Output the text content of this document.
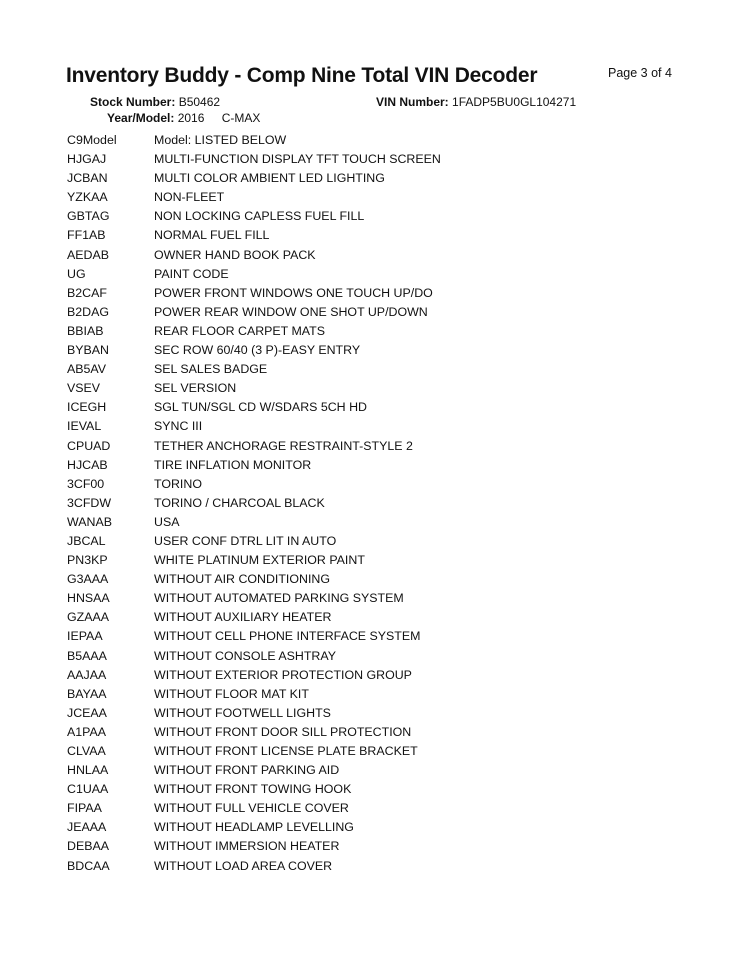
Inventory Buddy - Comp Nine Total VIN Decoder	Page 3 of 4
Stock Number: B50462	VIN Number: 1FADP5BU0GL104271
Year/Model: 2016 C-MAX
C9Model	Model: LISTED BELOW
HJGAJ	MULTI-FUNCTION DISPLAY TFT TOUCH SCREEN
JCBAN	MULTI COLOR AMBIENT LED LIGHTING
YZKAA	NON-FLEET
GBTAG	NON LOCKING CAPLESS FUEL FILL
FF1AB	NORMAL FUEL FILL
AEDAB	OWNER HAND BOOK PACK
UG	PAINT CODE
B2CAF	POWER FRONT WINDOWS ONE TOUCH UP/DO
B2DAG	POWER REAR WINDOW ONE SHOT UP/DOWN
BBIAB	REAR FLOOR CARPET MATS
BYBAN	SEC ROW 60/40 (3 P)-EASY ENTRY
AB5AV	SEL SALES BADGE
VSEV	SEL VERSION
ICEGH	SGL TUN/SGL CD W/SDARS 5CH HD
IEVAL	SYNC III
CPUAD	TETHER ANCHORAGE RESTRAINT-STYLE 2
HJCAB	TIRE INFLATION MONITOR
3CF00	TORINO
3CFDW	TORINO / CHARCOAL BLACK
WANAB	USA
JBCAL	USER CONF DTRL LIT IN AUTO
PN3KP	WHITE PLATINUM EXTERIOR PAINT
G3AAA	WITHOUT AIR CONDITIONING
HNSAA	WITHOUT AUTOMATED PARKING SYSTEM
GZAAA	WITHOUT AUXILIARY HEATER
IEPAA	WITHOUT CELL PHONE INTERFACE SYSTEM
B5AAA	WITHOUT CONSOLE ASHTRAY
AAJAA	WITHOUT EXTERIOR PROTECTION GROUP
BAYAA	WITHOUT FLOOR MAT KIT
JCEAA	WITHOUT FOOTWELL LIGHTS
A1PAA	WITHOUT FRONT DOOR SILL PROTECTION
CLVAA	WITHOUT FRONT LICENSE PLATE BRACKET
HNLAA	WITHOUT FRONT PARKING AID
C1UAA	WITHOUT FRONT TOWING HOOK
FIPAA	WITHOUT FULL VEHICLE COVER
JEAAA	WITHOUT HEADLAMP LEVELLING
DEBAA	WITHOUT IMMERSION HEATER
BDCAA	WITHOUT LOAD AREA COVER
